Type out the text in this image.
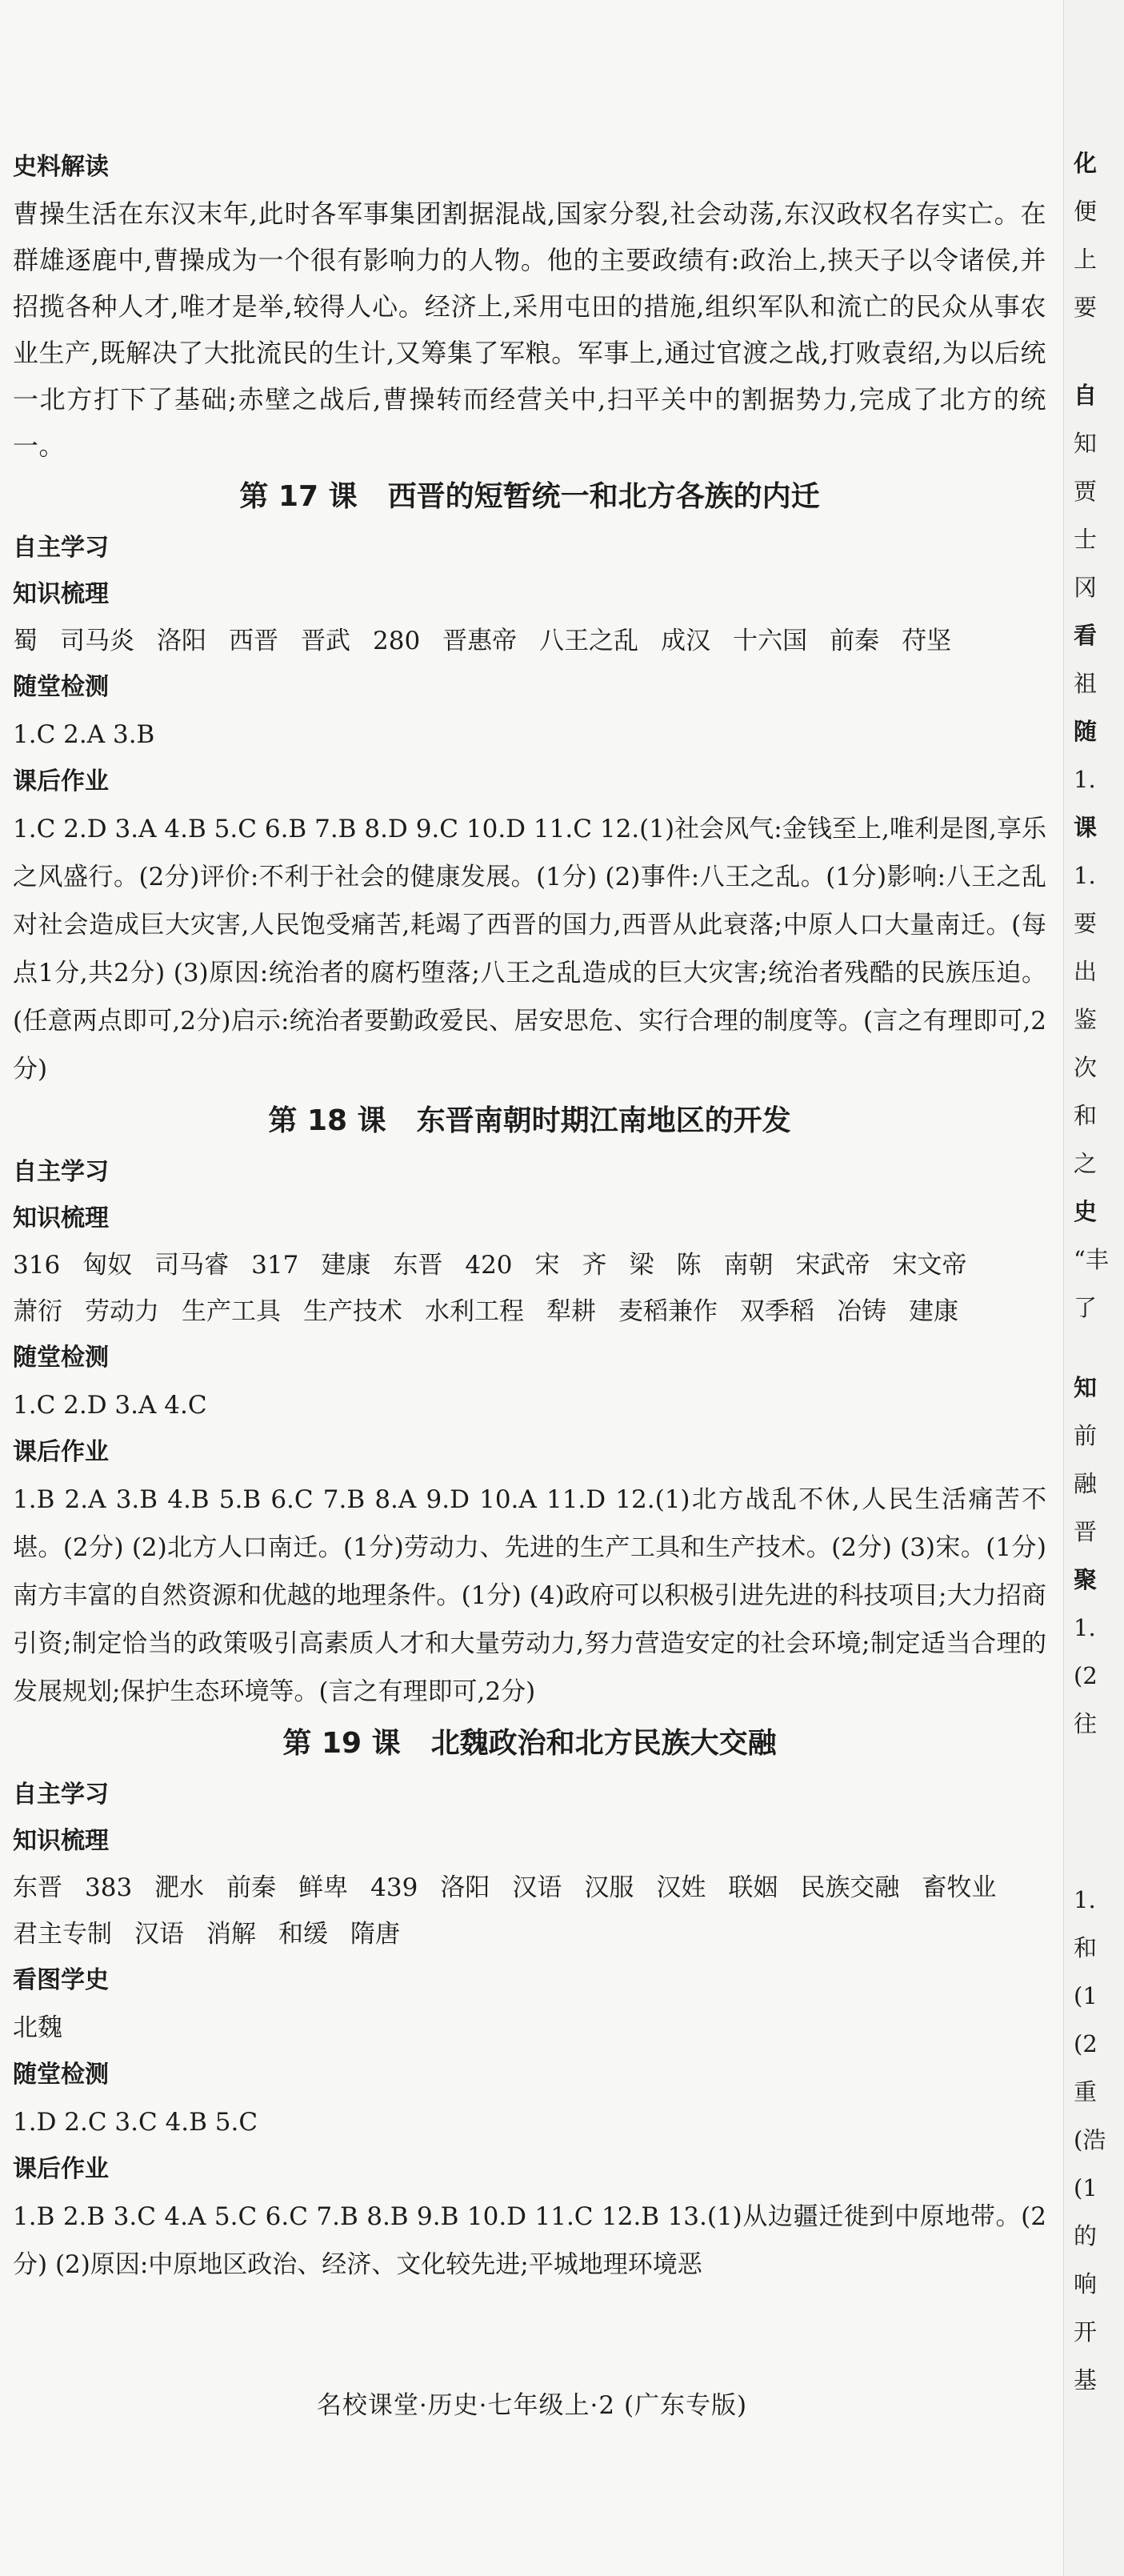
史料解读
曹操生活在东汉末年,此时各军事集团割据混战,国家分裂,社会动荡,东汉政权名存实亡。在群雄逐鹿中,曹操成为一个很有影响力的人物。他的主要政绩有:政治上,挟天子以令诸侯,并招揽各种人才,唯才是举,较得人心。经济上,采用屯田的措施,组织军队和流亡的民众从事农业生产,既解决了大批流民的生计,又筹集了军粮。军事上,通过官渡之战,打败袁绍,为以后统一北方打下了基础;赤壁之战后,曹操转而经营关中,扫平关中的割据势力,完成了北方的统一。
第 17 课 西晋的短暂统一和北方各族的内迁
自主学习
知识梳理
蜀 司马炎 洛阳 西晋 晋武 280 晋惠帝 八王之乱 成汉 十六国 前秦 苻坚
随堂检测
1.C 2.A 3.B
课后作业
1.C 2.D 3.A 4.B 5.C 6.B 7.B 8.D 9.C 10.D 11.C 12.(1)社会风气:金钱至上,唯利是图,享乐之风盛行。(2分)评价:不利于社会的健康发展。(1分) (2)事件:八王之乱。(1分)影响:八王之乱对社会造成巨大灾害,人民饱受痛苦,耗竭了西晋的国力,西晋从此衰落;中原人口大量南迁。(每点1分,共2分) (3)原因:统治者的腐朽堕落;八王之乱造成的巨大灾害;统治者残酷的民族压迫。(任意两点即可,2分)启示:统治者要勤政爱民、居安思危、实行合理的制度等。(言之有理即可,2分)
第 18 课 东晋南朝时期江南地区的开发
自主学习
知识梳理
316 匈奴 司马睿 317 建康 东晋 420 宋 齐 梁 陈 南朝 宋武帝 宋文帝萧衍 劳动力 生产工具 生产技术 水利工程 犁耕 麦稻兼作 双季稻 冶铸 建康
随堂检测
1.C 2.D 3.A 4.C
课后作业
1.B 2.A 3.B 4.B 5.B 6.C 7.B 8.A 9.D 10.A 11.D 12.(1)北方战乱不休,人民生活痛苦不堪。(2分) (2)北方人口南迁。(1分)劳动力、先进的生产工具和生产技术。(2分) (3)宋。(1分)南方丰富的自然资源和优越的地理条件。(1分) (4)政府可以积极引进先进的科技项目;大力招商引资;制定恰当的政策吸引高素质人才和大量劳动力,努力营造安定的社会环境;制定适当合理的发展规划;保护生态环境等。(言之有理即可,2分)
第 19 课 北魏政治和北方民族大交融
自主学习
知识梳理
东晋 383 淝水 前秦 鲜卑 439 洛阳 汉语 汉服 汉姓 联姻 民族交融 畜牧业君主专制 汉语 消解 和缓 隋唐
看图学史
北魏
随堂检测
1.D 2.C 3.C 4.B 5.C
课后作业
1.B 2.B 3.C 4.A 5.C 6.C 7.B 8.B 9.B 10.D 11.C 12.B 13.(1)从边疆迁徙到中原地带。(2分) (2)原因:中原地区政治、经济、文化较先进;平城地理环境恶
名校课堂·历史·七年级上·2 (广东专版)
化
便
上
要
自
知
贾
士
冈
看
祖
随
1.
课
1.
要
出
鉴
次
和
之
史
“丰
了
知
前
融
晋
聚
1.
(2
往
1.
和
(1
(2
重
(浩
(1
的
响
开
基
